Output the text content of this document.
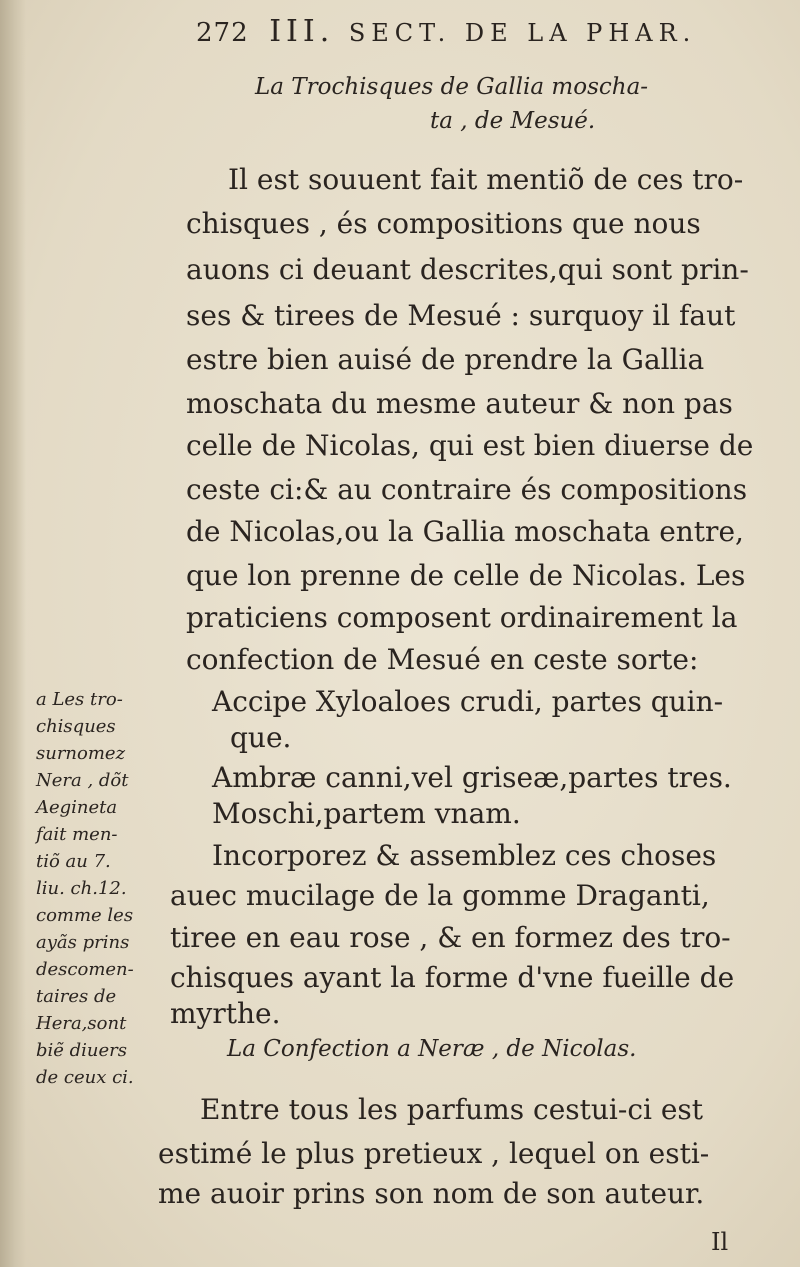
272 III. SECT. DE LA PHAR.
La Trochisques de Gallia moscha-
ta , de Mesué.
Il est souuent fait mentiõ de ces tro-
chisques , és compositions que nous
auons ci deuant descrites,qui sont prin-
ses & tirees de Mesué : surquoy il faut
estre bien auisé de prendre la Gallia
moschata du mesme auteur & non pas
celle de Nicolas, qui est bien diuerse de
ceste ci:& au contraire és compositions
de Nicolas,ou la Gallia moschata entre,
que lon prenne de celle de Nicolas. Les
praticiens composent ordinairement la
confection de Mesué en ceste sorte:
Accipe Xyloaloes crudi, partes quin-
que.
Ambræ canni,vel griseæ,partes tres.
Moschi,partem vnam.
Incorporez & assemblez ces choses
auec mucilage de la gomme Draganti,
tiree en eau rose , & en formez des tro-
chisques ayant la forme d'vne fueille de
myrthe.
La Confection a Neræ , de Nicolas.
Entre tous les parfums cestui-ci est
estimé le plus pretieux , lequel on esti-
me auoir prins son nom de son auteur.
a Les tro-
chisques
surnomez
Nera , dõt
Aegineta
fait men-
tiõ au 7.
liu. ch.12.
comme les
ayãs prins
descomen-
taires de
Hera,sont
biẽ diuers
de ceux ci.
Il
